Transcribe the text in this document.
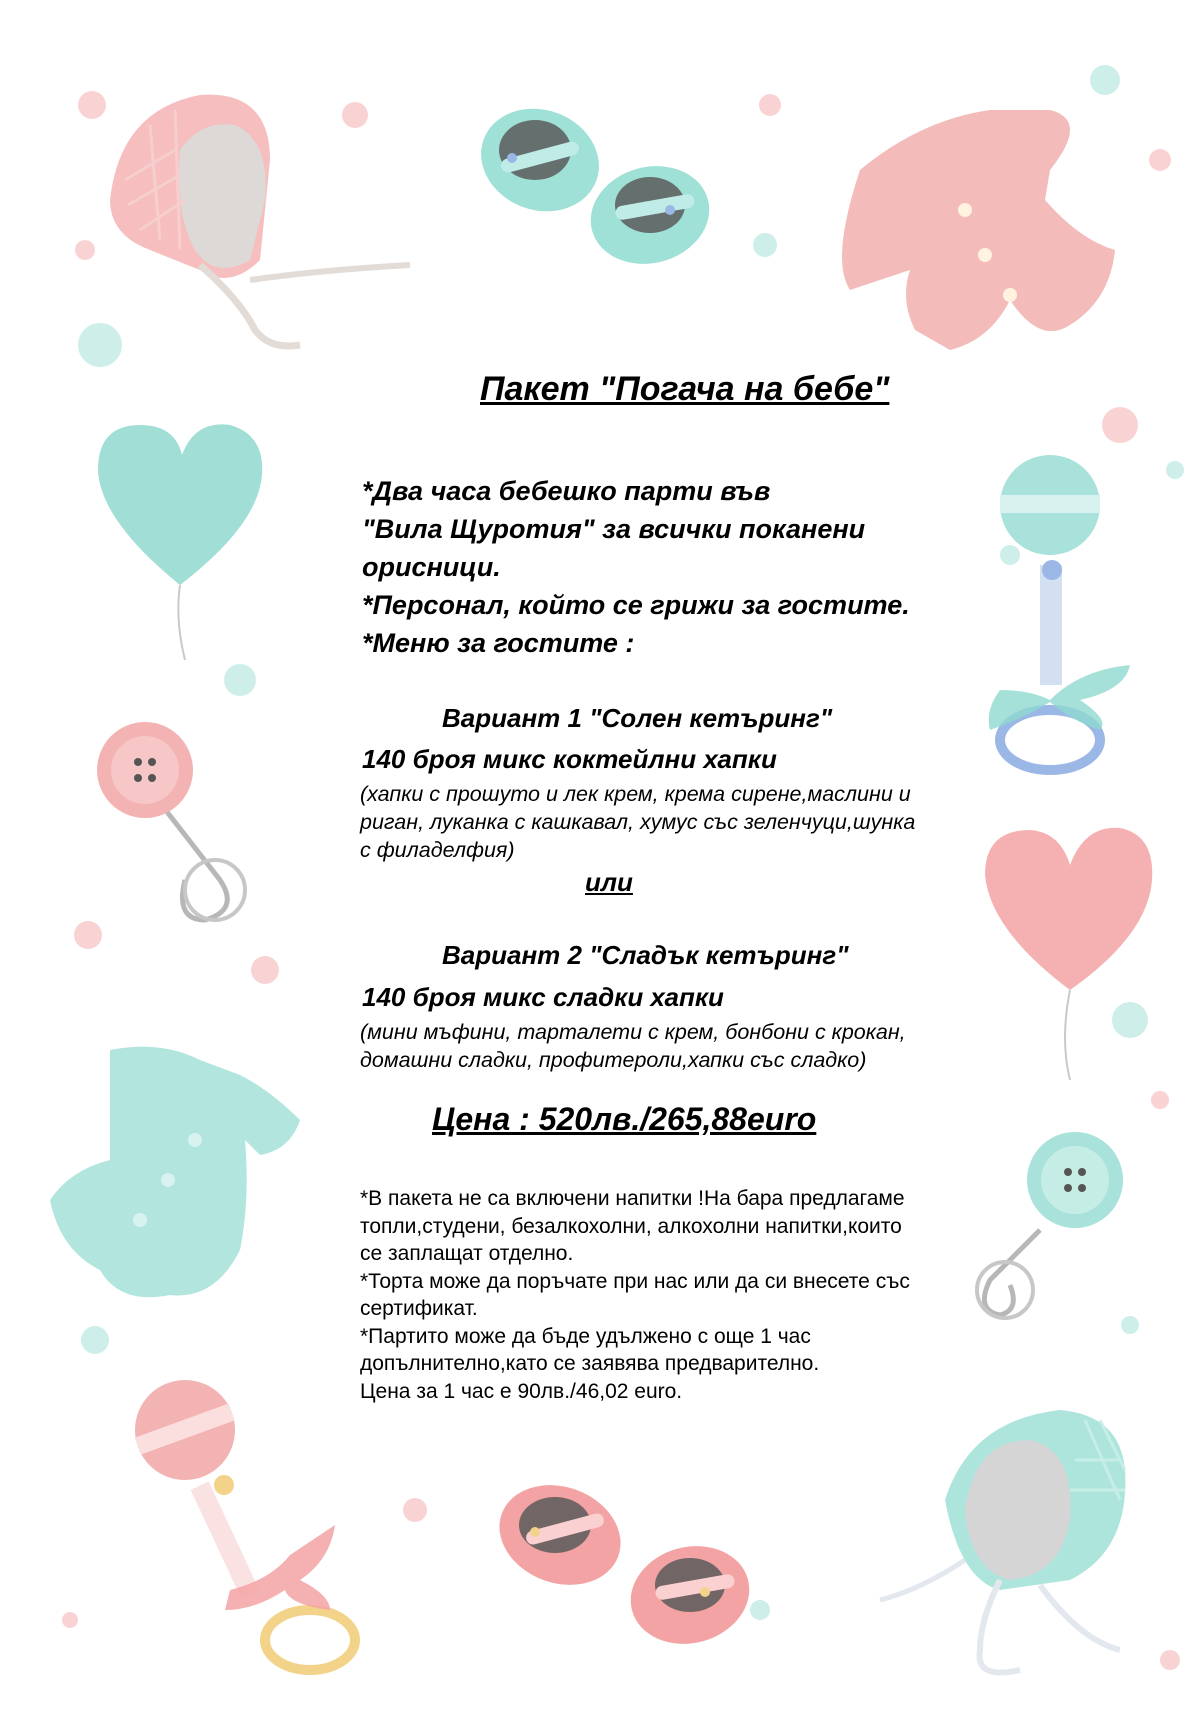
Пакет "Погача на бебе"
*Два часа бебешко парти във
"Вила Щуротия" за всички поканени
орисници.
*Персонал, който се грижи за гостите.
*Меню за гостите :
Вариант 1 "Солен кетъринг"
140 броя микс коктейлни хапки
(хапки с прошуто и лек крем, крема сирене,маслини и
риган, луканка с кашкавал, хумус със зеленчуци,шунка
с филаделфия)
или
Вариант 2 "Сладък кетъринг"
140 броя микс сладки хапки
(мини мъфини, тарталети с крем, бонбони с крокан,
домашни сладки, профитероли,хапки със сладко)
Цена : 520лв./265,88euro
*В пакета не са включени напитки !На бара предлагаме
топли,студени, безалкохолни, алкохолни напитки,които
се заплащат отделно.
*Торта може да поръчате при нас или да си внесете със
сертификат.
*Партито може да бъде удължено с още 1 час
допълнително,като се заявява предварително.
Цена за 1 час е 90лв./46,02 euro.
